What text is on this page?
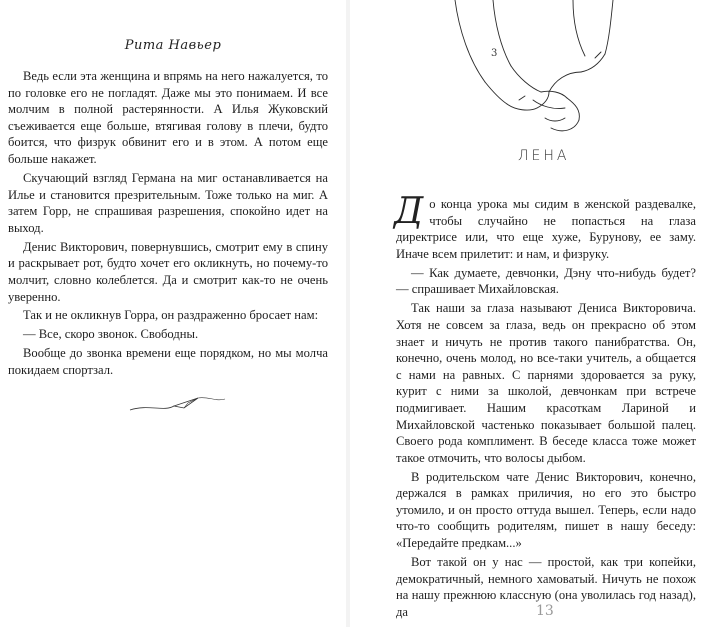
Рита Навьер

Ведь если эта женщина и впрямь на него нажалуется, то по головке его не погладят. Даже мы это понимаем. И все молчим в полной растерянности. А Илья Жуковский съеживается еще больше, втягивая голову в плечи, будто боится, что физрук обвинит его и в этом. А потом еще больше накажет.

Скучающий взгляд Германа на миг останавливается на Илье и становится презрительным. Тоже только на миг. А затем Горр, не спрашивая разрешения, спокойно идет на выход.

Денис Викторович, повернувшись, смотрит ему в спину и раскрывает рот, будто хочет его окликнуть, но почему-то молчит, словно колеблется. Да и смотрит как-то не очень уверенно.

Так и не окликнув Горра, он раздраженно бросает нам:

— Все, скоро звонок. Свободны.

Вообще до звонка времени еще порядком, но мы молча покидаем спортзал.

3
ЛЕНА

До конца урока мы сидим в женской раздевалке, чтобы случайно не попасться на глаза директрисе или, что еще хуже, Бурунову, ее заму. Иначе всем прилетит: и нам, и физруку.

— Как думаете, девчонки, Дэну что-нибудь будет? — спрашивает Михайловская.

Так наши за глаза называют Дениса Викторовича. Хотя не совсем за глаза, ведь он прекрасно об этом знает и ничуть не против такого панибратства. Он, конечно, очень молод, но все-таки учитель, а общается с нами на равных. С парнями здоровается за руку, курит с ними за школой, девчонкам при встрече подмигивает. Нашим красоткам Лариной и Михайловской частенько показывает большой палец. Своего рода комплимент. В беседе класса тоже может такое отмочить, что волосы дыбом.

В родительском чате Денис Викторович, конечно, держался в рамках приличия, но его это быстро утомило, и он просто оттуда вышел. Теперь, если надо что-то сообщить родителям, пишет в нашу беседу: «Передайте предкам...»

Вот такой он у нас — простой, как три копейки, демократичный, немного хамоватый. Ничуть не похож на нашу прежнюю классную (она уволилась год назад), да	13
